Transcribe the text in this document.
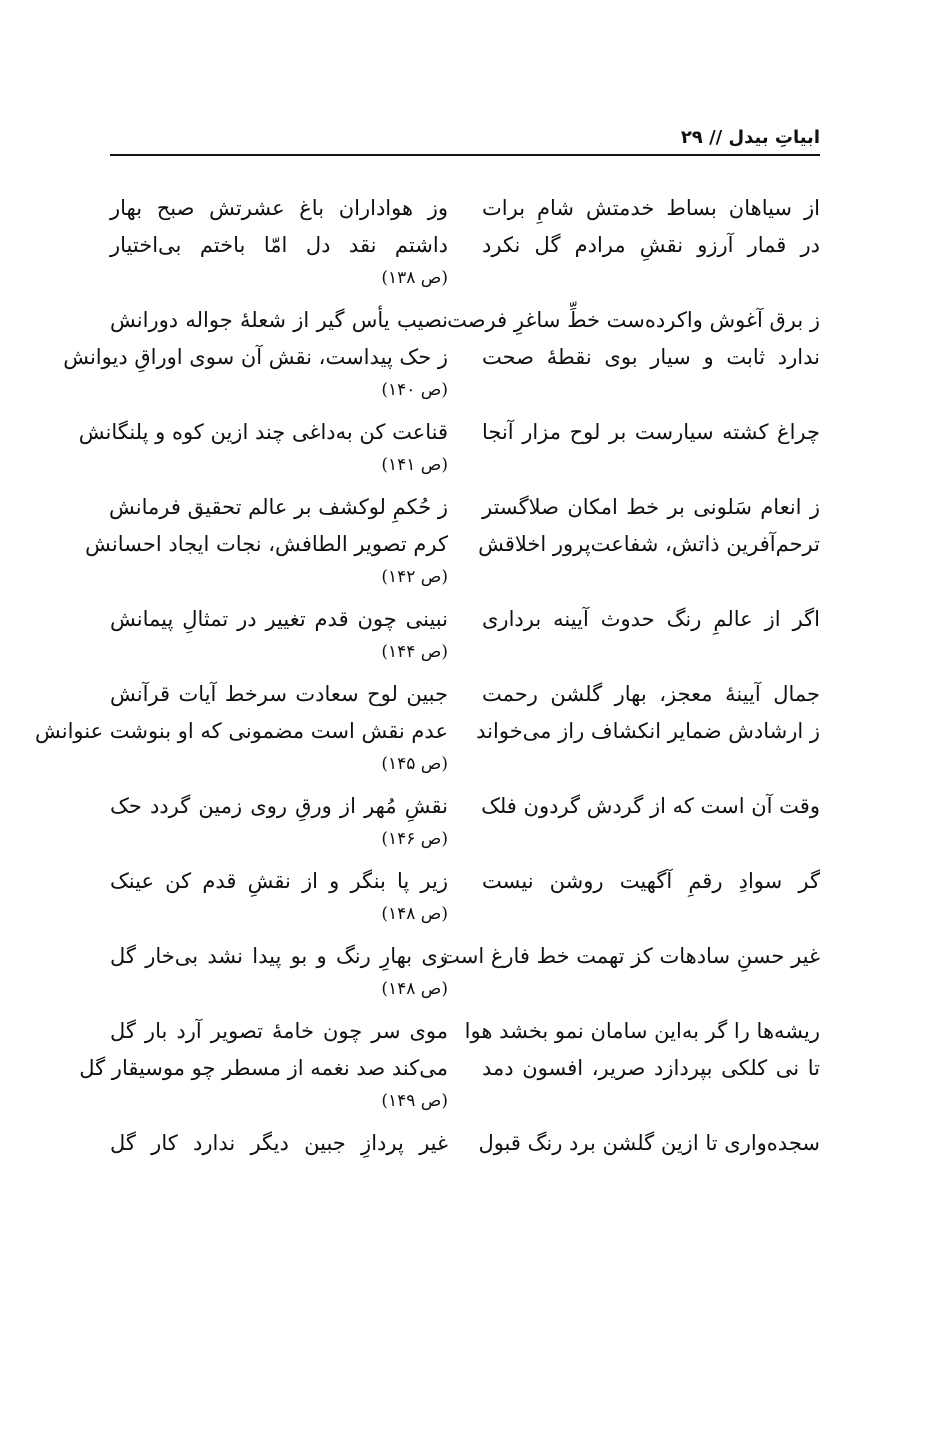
ابیاتِ بیدل // ۲۹
از سیاهان بساط خدمتش شامِ برات
وز هواداران باغ عشرتش صبح بهار
در قمار آرزو نقشِ مرادم گل نکرد
داشتم نقد دل امّا باختم بی‌اختیار
(ص ۱۳۸)
ز برق آغوش واکرده‌ست خطِّ ساغرِ فرصت
نصیب یأس گیر از شعلهٔ جواله دورانش
ندارد ثابت و سیار بوی نقطهٔ صحت
ز حک پیداست، نقش آن سوی اوراقِ دیوانش
(ص ۱۴۰)
چراغ کشته سیارست بر لوح مزار آنجا
قناعت کن به‌داغی چند ازین کوه و پلنگانش
(ص ۱۴۱)
ز انعام سَلونی بر خط امکان صلاگستر
ز حُکمِ لوکشف بر عالم تحقیق فرمانش
ترحم‌آفرین ذاتش، شفاعت‌پرور اخلاقش
کرم تصویر الطافش، نجات ایجاد احسانش
(ص ۱۴۲)
اگر از عالمِ رنگ حدوث آیینه برداری
نبینی چون قدم تغییر در تمثالِ پیمانش
(ص ۱۴۴)
جمال آیینهٔ معجز، بهار گلشن رحمت
جبین لوح سعادت سرخط آیات قرآنش
ز ارشادش ضمایر انکشاف راز می‌خواند
عدم نقش است مضمونی که او بنوشت عنوانش
(ص ۱۴۵)
وقت آن است که از گردش گردون فلک
نقشِ مُهر از ورقِ روی زمین گردد حک
(ص ۱۴۶)
گر سوادِ رقمِ آگهیت روشن نیست
زیر پا بنگر و از نقشِ قدم کن عینک
(ص ۱۴۸)
غیر حسنِ سادهات کز تهمت خط فارغ است
زی بهارِ رنگ و بو پیدا نشد بی‌خار گل
(ص ۱۴۸)
ریشه‌ها را گر به‌این سامان نمو بخشد هوا
موی سر چون خامهٔ تصویر آرد بار گل
تا نی کلکی بپردازد صریر، افسون دمد
می‌کند صد نغمه از مسطر چو موسیقار گل
(ص ۱۴۹)
سجده‌واری تا ازین گلشن برد رنگ قبول
غیر پردازِ جبین دیگر ندارد کار گل
